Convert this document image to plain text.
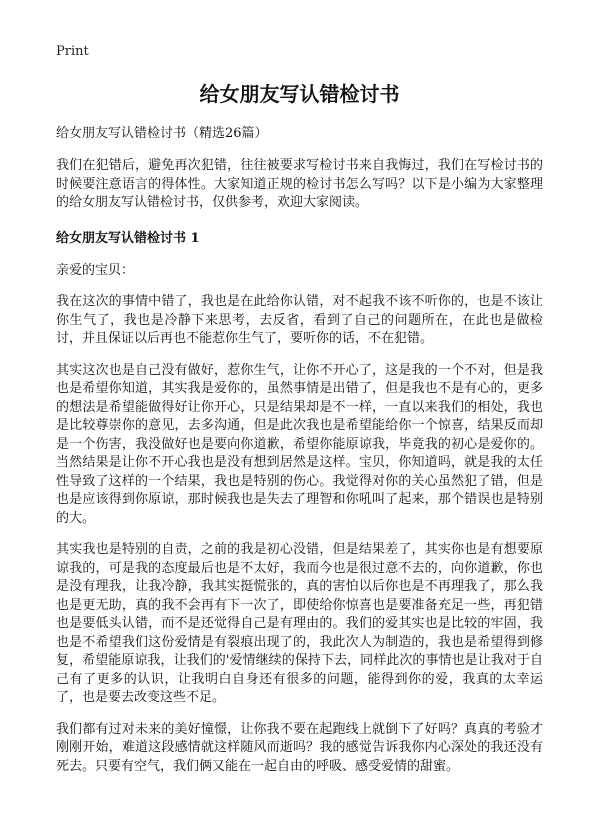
Print
给女朋友写认错检讨书
给女朋友写认错检讨书（精选26篇）

我们在犯错后，避免再次犯错，往往被要求写检讨书来自我悔过，我们在写检讨书的时候要注意语言的得体性。大家知道正规的检讨书怎么写吗？以下是小编为大家整理的给女朋友写认错检讨书，仅供参考，欢迎大家阅读。

给女朋友写认错检讨书 1

亲爱的宝贝：

我在这次的事情中错了，我也是在此给你认错，对不起我不该不听你的，也是不该让你生气了，我也是冷静下来思考，去反省，看到了自己的问题所在，在此也是做检讨，并且保证以后再也不能惹你生气了，要听你的话，不在犯错。

其实这次也是自己没有做好，惹你生气，让你不开心了，这是我的一个不对，但是我也是希望你知道，其实我是爱你的，虽然事情是出错了，但是我也不是有心的，更多的想法是希望能做得好让你开心，只是结果却是不一样，一直以来我们的相处，我也是比较尊崇你的意见，去多沟通，但是此次我也是希望能给你一个惊喜，结果反而却是一个伤害，我没做好也是要向你道歉，希望你能原谅我，毕竟我的初心是爱你的。当然结果是让你不开心我也是没有想到居然是这样。宝贝，你知道吗，就是我的太任性导致了这样的一个结果，我也是特别的伤心。我觉得对你的关心虽然犯了错，但是也是应该得到你原谅，那时候我也是失去了理智和你吼叫了起来，那个错误也是特别的大。

其实我也是特别的自责，之前的我是初心没错，但是结果差了，其实你也是有想要原谅我的，可是我的态度最后也是不太好，我而今也是很过意不去的，向你道歉，你也是没有理我，让我冷静，我其实挺慌张的，真的害怕以后你也是不再理我了，那么我也是更无助，真的我不会再有下一次了，即使给你惊喜也是要准备充足一些，再犯错也是要低头认错，而不是还觉得自己是有理由的。我们的爱其实也是比较的牢固，我也是不希望我们这份爱情是有裂痕出现了的，我此次人为制造的，我也是希望得到修复，希望能原谅我，让我们的'爱情继续的保持下去，同样此次的事情也是让我对于自己有了更多的认识，让我明白自身还有很多的问题，能得到你的爱，我真的太幸运了，也是要去改变这些不足。

我们都有过对未来的美好憧憬，让你我不要在起跑线上就倒下了好吗？真真的考验才刚刚开始，难道这段感情就这样随风而逝吗？我的感觉告诉我你内心深处的我还没有死去。只要有空气，我们俩又能在一起自由的呼吸、感受爱情的甜蜜。
